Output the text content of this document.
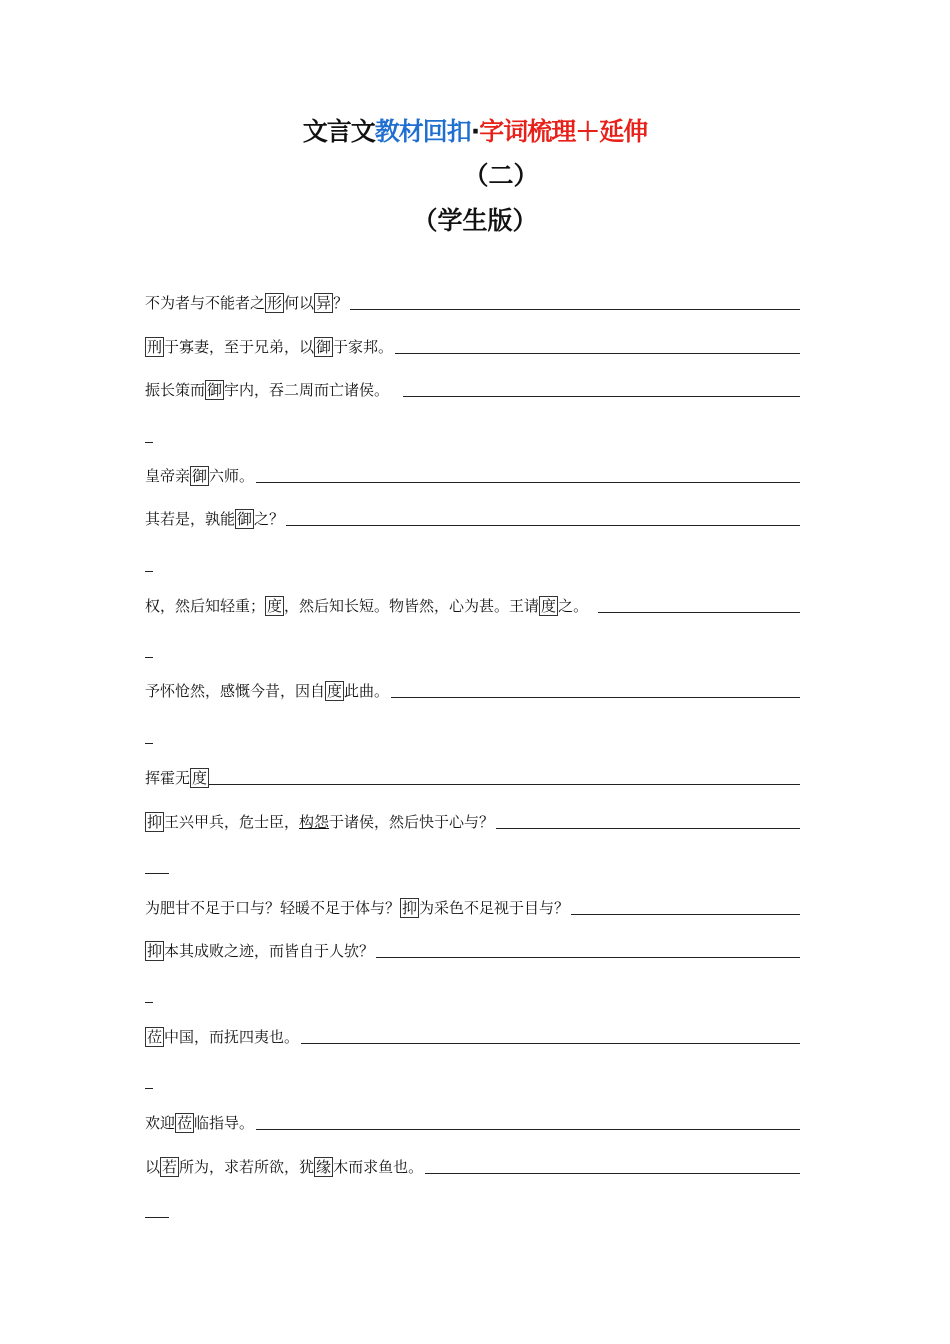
文言文教材回扣·字词梳理＋延伸
（二）
（学生版）
不为者与不能者之 形 何以 异 ？
刑 于寡妻，至于兄弟，以 御 于家邦。
振长策而 御 宇内，吞二周而亡诸侯。
皇帝亲 御 六师。
其若是，孰能 御 之？
权，然后知轻重； 度 ，然后知长短。物皆然，心为甚。王请 度 之。
予怀怆然，感慨今昔，因自 度 此曲。
挥霍无 度
抑 王兴甲兵，危士臣， 构怨 于诸侯，然后快于心与？
为肥甘不足于口与？轻暖不足于体与？ 抑 为采色不足视于目与？
抑 本其成败之迹，而皆自于人欤？
莅 中国，而抚四夷也。
欢迎 莅 临指导。
以 若 所为，求若所欲，犹 缘 木而求鱼也。
